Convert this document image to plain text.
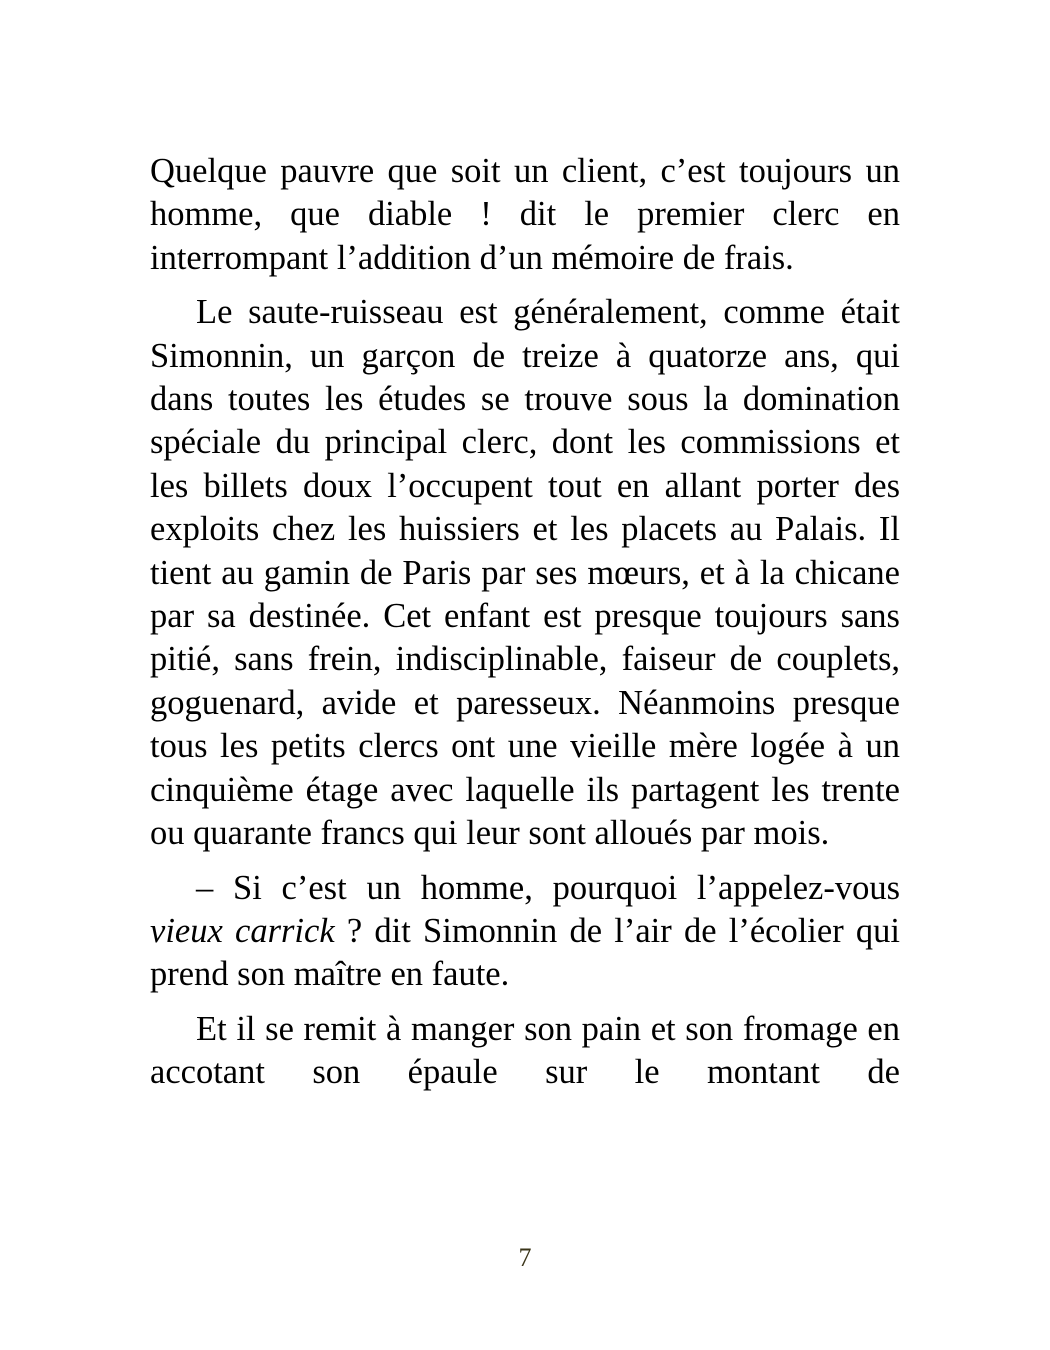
Quelque pauvre que soit un client, c’est toujours un homme, que diable ! dit le premier clerc en interrompant l’addition d’un mémoire de frais.

Le saute-ruisseau est généralement, comme était Simonnin, un garçon de treize à quatorze ans, qui dans toutes les études se trouve sous la domination spéciale du principal clerc, dont les commissions et les billets doux l’occupent tout en allant porter des exploits chez les huissiers et les placets au Palais. Il tient au gamin de Paris par ses mœurs, et à la chicane par sa destinée. Cet enfant est presque toujours sans pitié, sans frein, indisciplinable, faiseur de couplets, goguenard, avide et paresseux. Néanmoins presque tous les petits clercs ont une vieille mère logée à un cinquième étage avec laquelle ils partagent les trente ou quarante francs qui leur sont alloués par mois.

– Si c’est un homme, pourquoi l’appelez-vous vieux carrick ? dit Simonnin de l’air de l’écolier qui prend son maître en faute.

Et il se remit à manger son pain et son fromage en accotant son épaule sur le montant de

7
